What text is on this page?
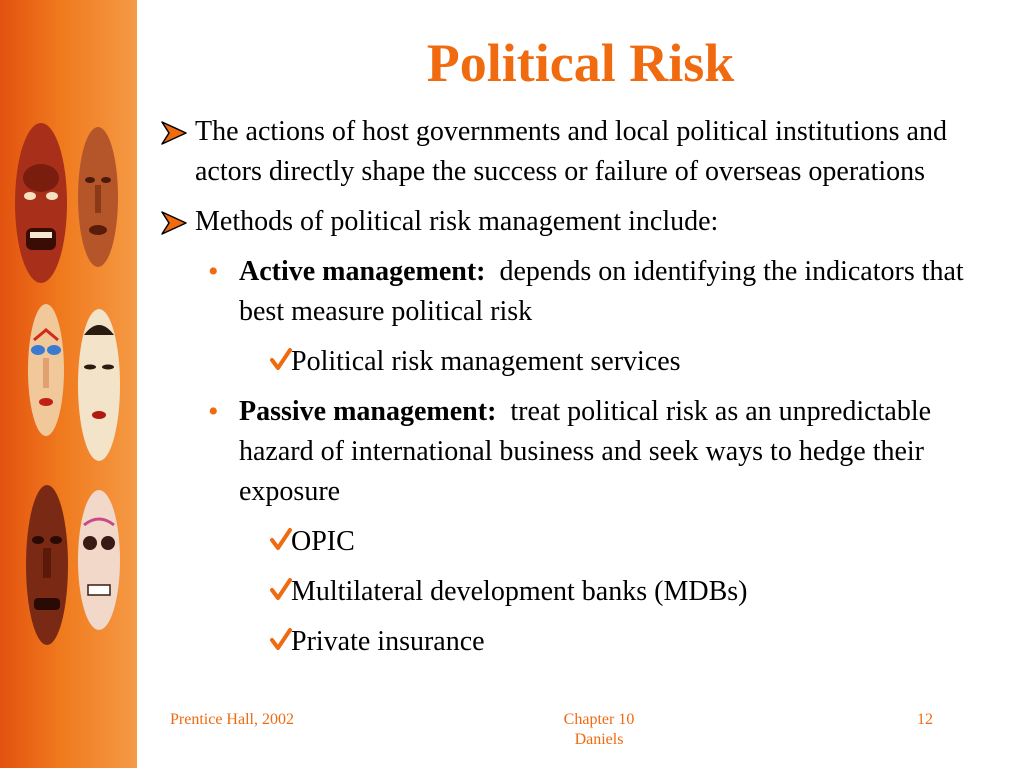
Political Risk
The actions of host governments and local political institutions and actors directly shape the success or failure of overseas operations
Methods of political risk management include:
• Active management: depends on identifying the indicators that best measure political risk
Political risk management services
• Passive management: treat political risk as an unpredictable hazard of international business and seek ways to hedge their exposure
OPIC
Multilateral development banks (MDBs)
Private insurance
Prentice Hall, 2002	Chapter 10
Daniels
12
